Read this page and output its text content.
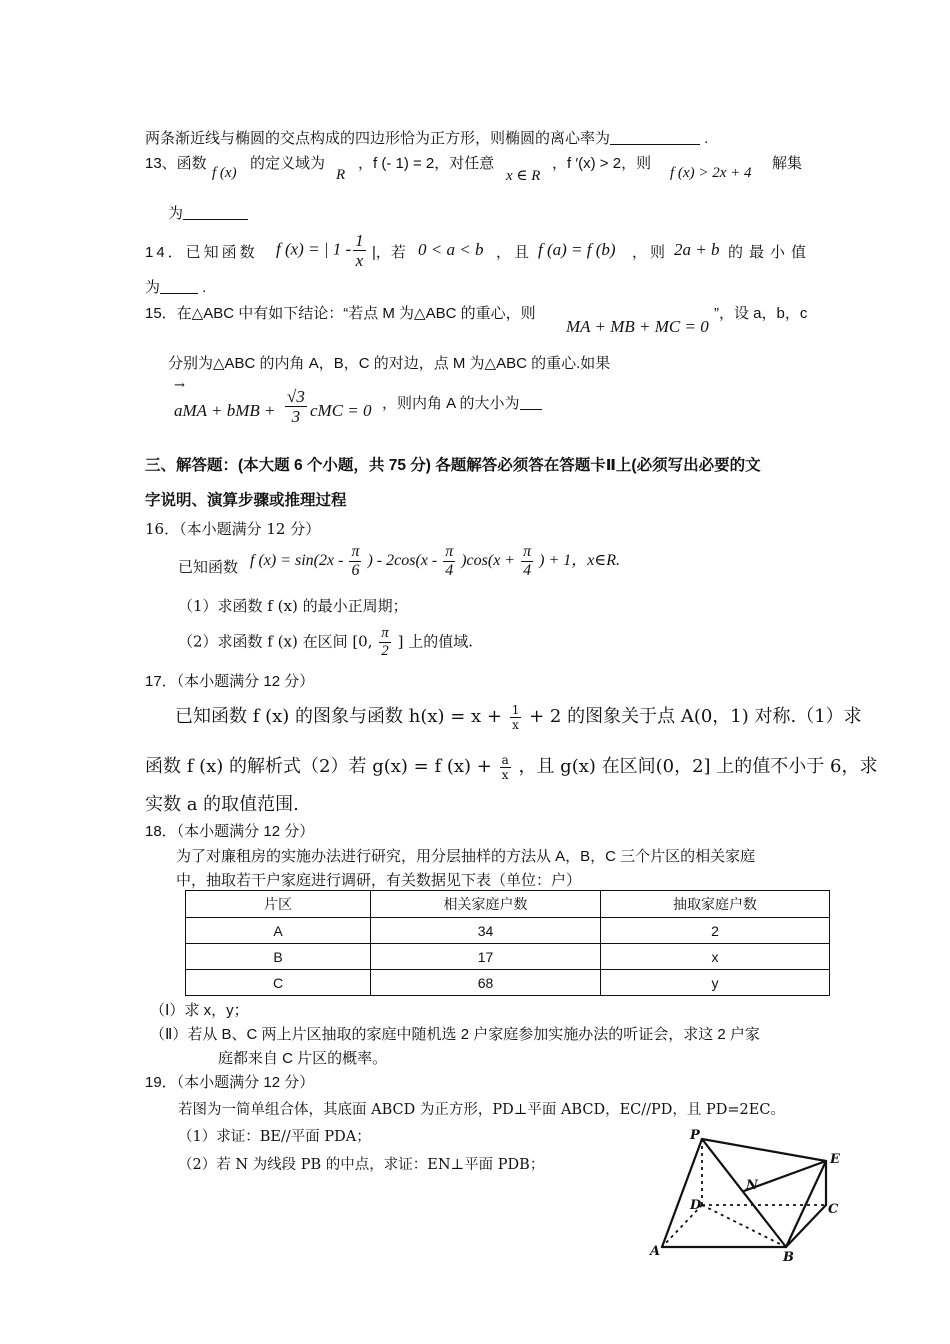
两条渐近线与椭圆的交点构成的四边形恰为正方形，则椭圆的离心率为	.
13、函数
f (x)
的定义域为
R
，f (- 1) = 2，对任意
x ∈ R
，f ′(x) > 2，则
f (x) > 2x + 4
解集
为
14．已知函数 f (x) = | $1 - \frac{1}{x}$ |，若 0 < a < b ，且 f (a) = f (b) ，则 2a + b 的最小值
为	.
15．在△ABC 中有如下结论：“若点 M 为△ABC 的重心，则
MA + MB + MC = 0
”，设 a，b，c
分别为△ABC 的内角 A，B，C 的对边，点 M 为△ABC 的重心.如果
→
aMA + bMB + $\frac{√3}{3}$ cMC = 0 ，则内角 A 的大小为
三、解答题：(本大题 6 个小题，共 75 分) 各题解答必须答在答题卡Ⅱ上(必须写出必要的文
字说明、演算步骤或推理过程
16．（本小题满分 12 分）
已知函数 f $(x) = \sin(2x - \frac{\pi}{6}$ ) - $2\cos(x - \frac{\pi}{4} )\cos(x + \frac{\pi}{4}$ ) + 1，x∈R.
（1）求函数 f (x) 的最小正周期；
（2）求函数 f (x) 在区间 [0, $\frac{\pi}{2}$ ] 上的值域.
17．（本小题满分 12 分）
已知函数 f (x) 的图象与函数 $h(x) = x + \frac{1}{x} + 2$ 的图象关于点 A(0，1) 对称.（1）求
函数 f (x) 的解析式（2）若 g(x) = f $(x) + \frac{a}{x}$ ，且 g(x) 在区间(0，2] 上的值不小于 6，求
实数 a 的取值范围.
18．（本小题满分 12 分）
为了对廉租房的实施办法进行研究，用分层抽样的方法从 A，B，C 三个片区的相关家庭
中，抽取若干户家庭进行调研，有关数据见下表（单位：户）
片区	相关家庭户数	抽取家庭户数
A	34	2
B	17	x
C	68	y
（Ⅰ）求 x，y；
（Ⅱ）若从 B、C 两上片区抽取的家庭中随机选 2 户家庭参加实施办法的听证会，求这 2 户家
庭都来自 C 片区的概率。
19．（本小题满分 12 分）
若图为一简单组合体，其底面 ABCD 为正方形，PD⊥平面 ABCD，EC//PD，且 PD=2EC。
（1）求证：BE//平面 PDA；
（2）若 N 为线段 PB 的中点，求证：EN⊥平面 PDB；
P
E
N
D	C
A	B
